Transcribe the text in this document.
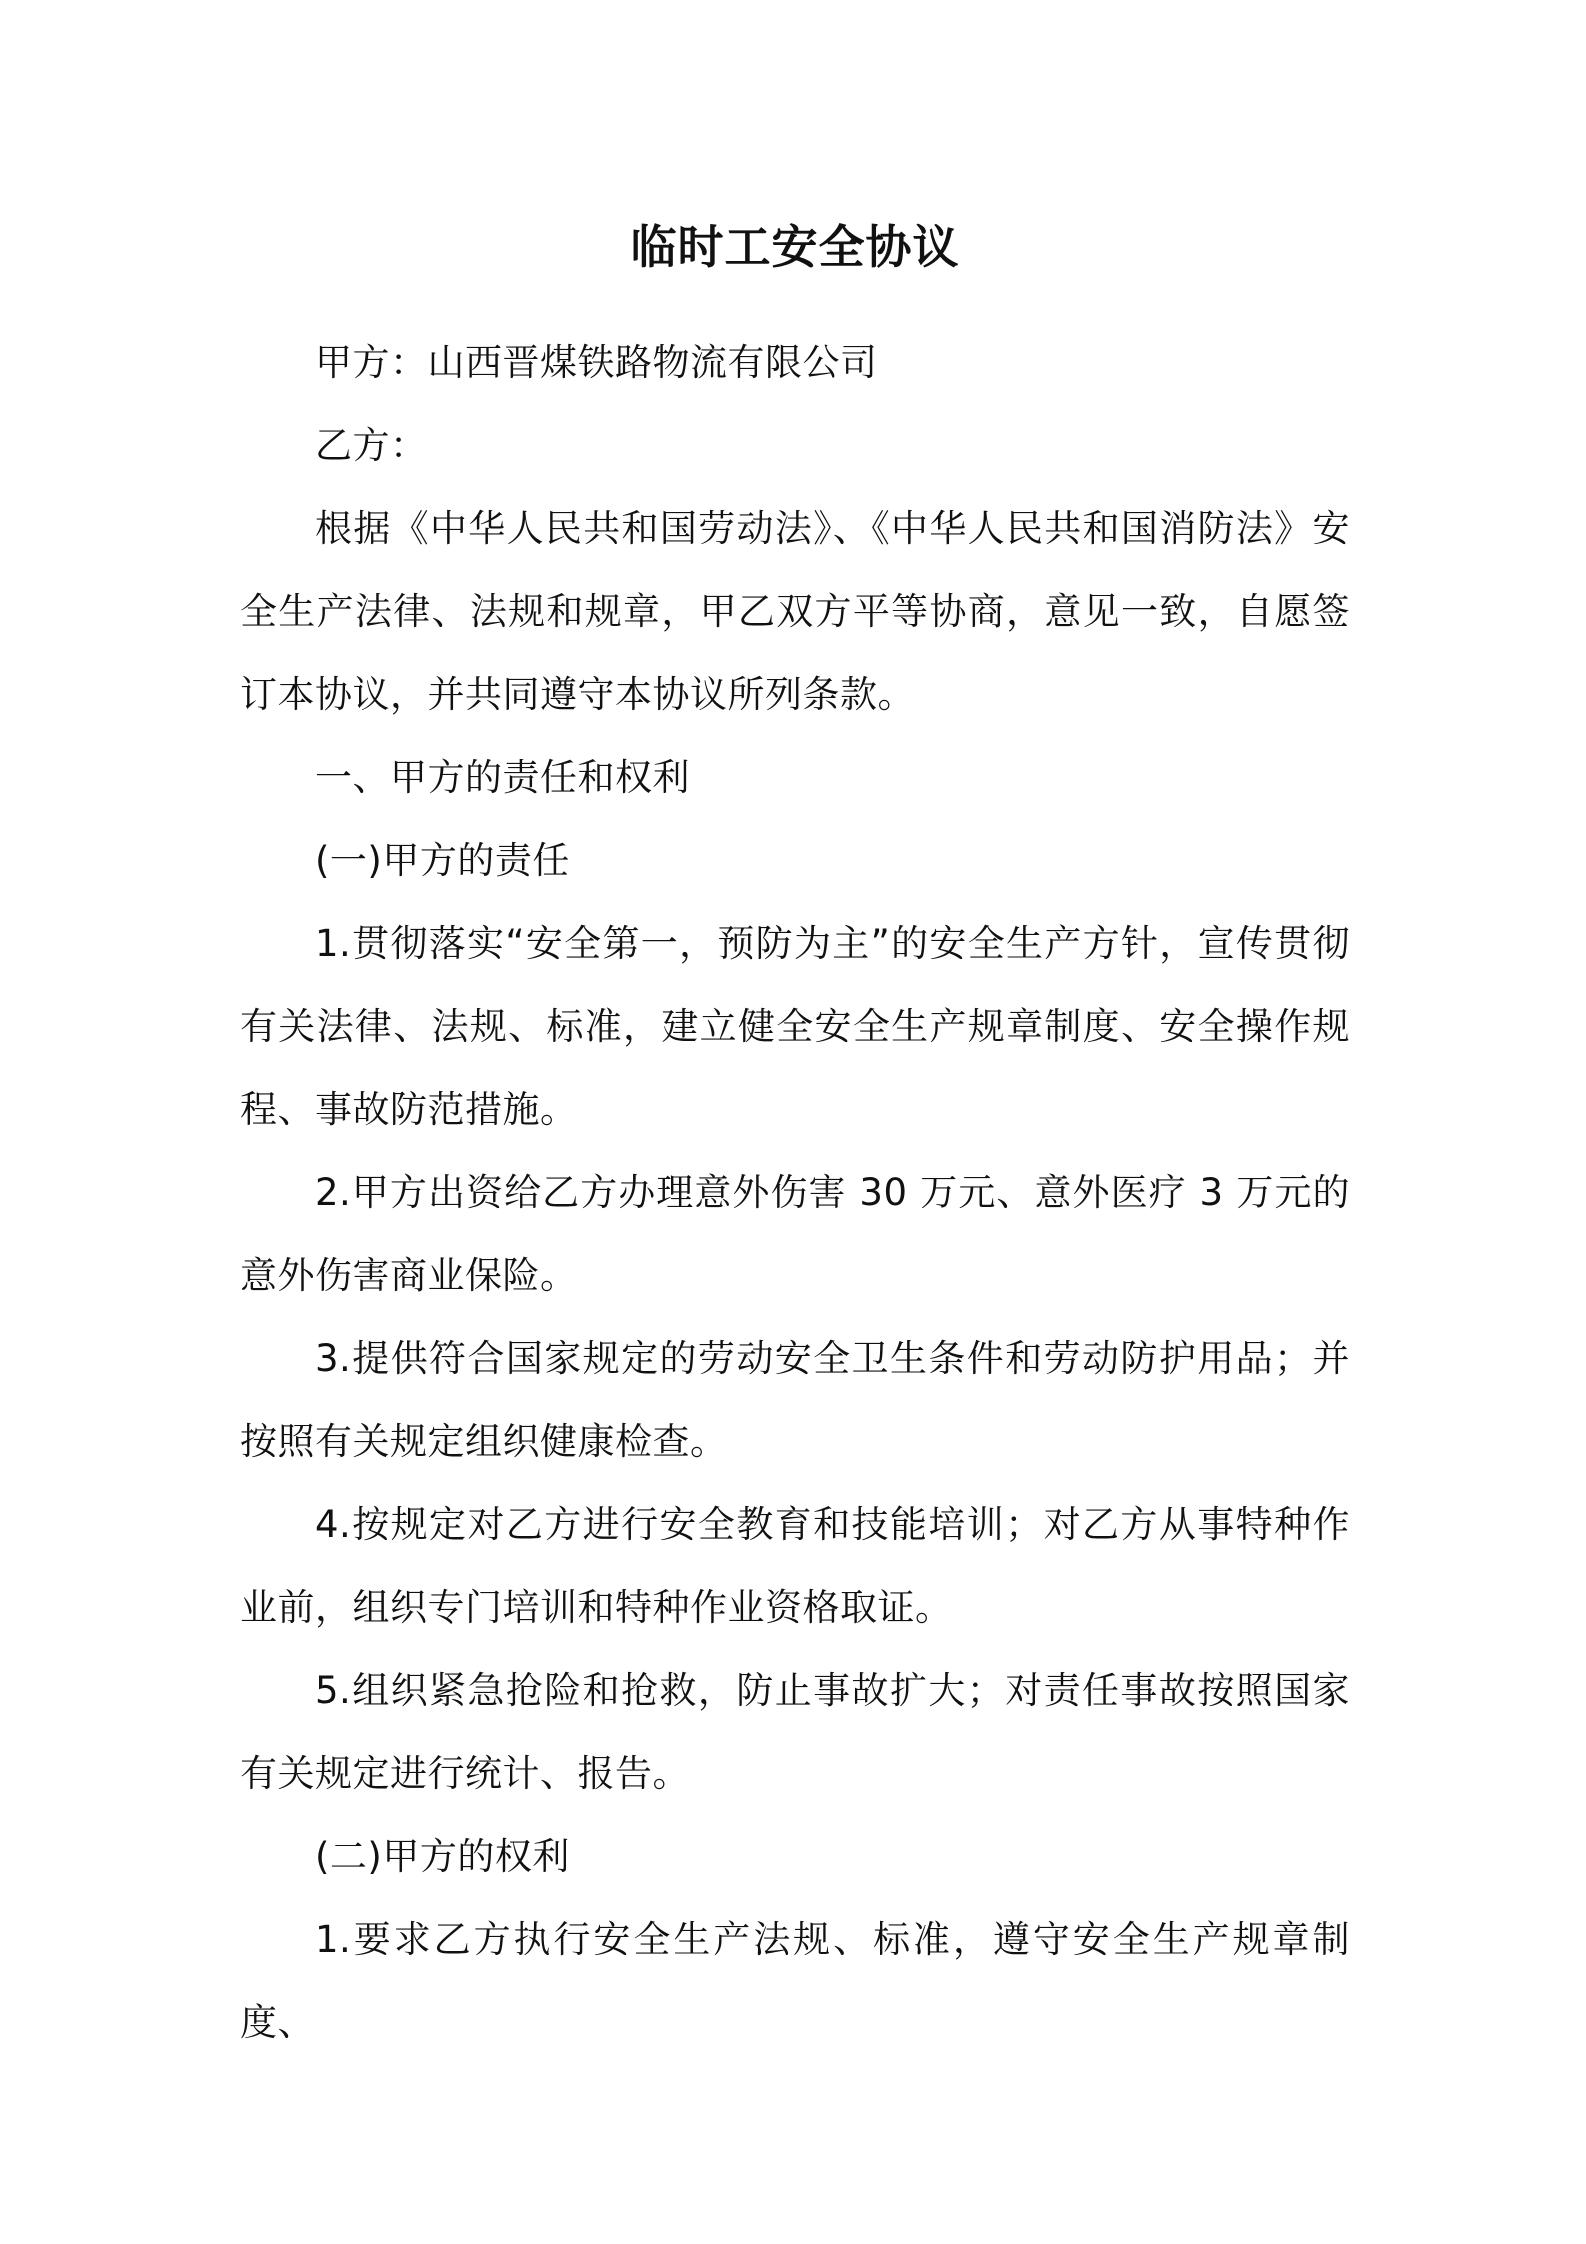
临时工安全协议

甲方：山西晋煤铁路物流有限公司

乙方：

根据《中华人民共和国劳动法》、《中华人民共和国消防法》安全生产法律、法规和规章，甲乙双方平等协商，意见一致，自愿签订本协议，并共同遵守本协议所列条款。

一、甲方的责任和权利

(一)甲方的责任

1.贯彻落实“安全第一，预防为主”的安全生产方针，宣传贯彻有关法律、法规、标准，建立健全安全生产规章制度、安全操作规程、事故防范措施。

2.甲方出资给乙方办理意外伤害 30 万元、意外医疗 3 万元的意外伤害商业保险。

3.提供符合国家规定的劳动安全卫生条件和劳动防护用品；并按照有关规定组织健康检查。

4.按规定对乙方进行安全教育和技能培训；对乙方从事特种作业前，组织专门培训和特种作业资格取证。

5.组织紧急抢险和抢救，防止事故扩大；对责任事故按照国家有关规定进行统计、报告。

(二)甲方的权利

1.要求乙方执行安全生产法规、标准，遵守安全生产规章制度、
